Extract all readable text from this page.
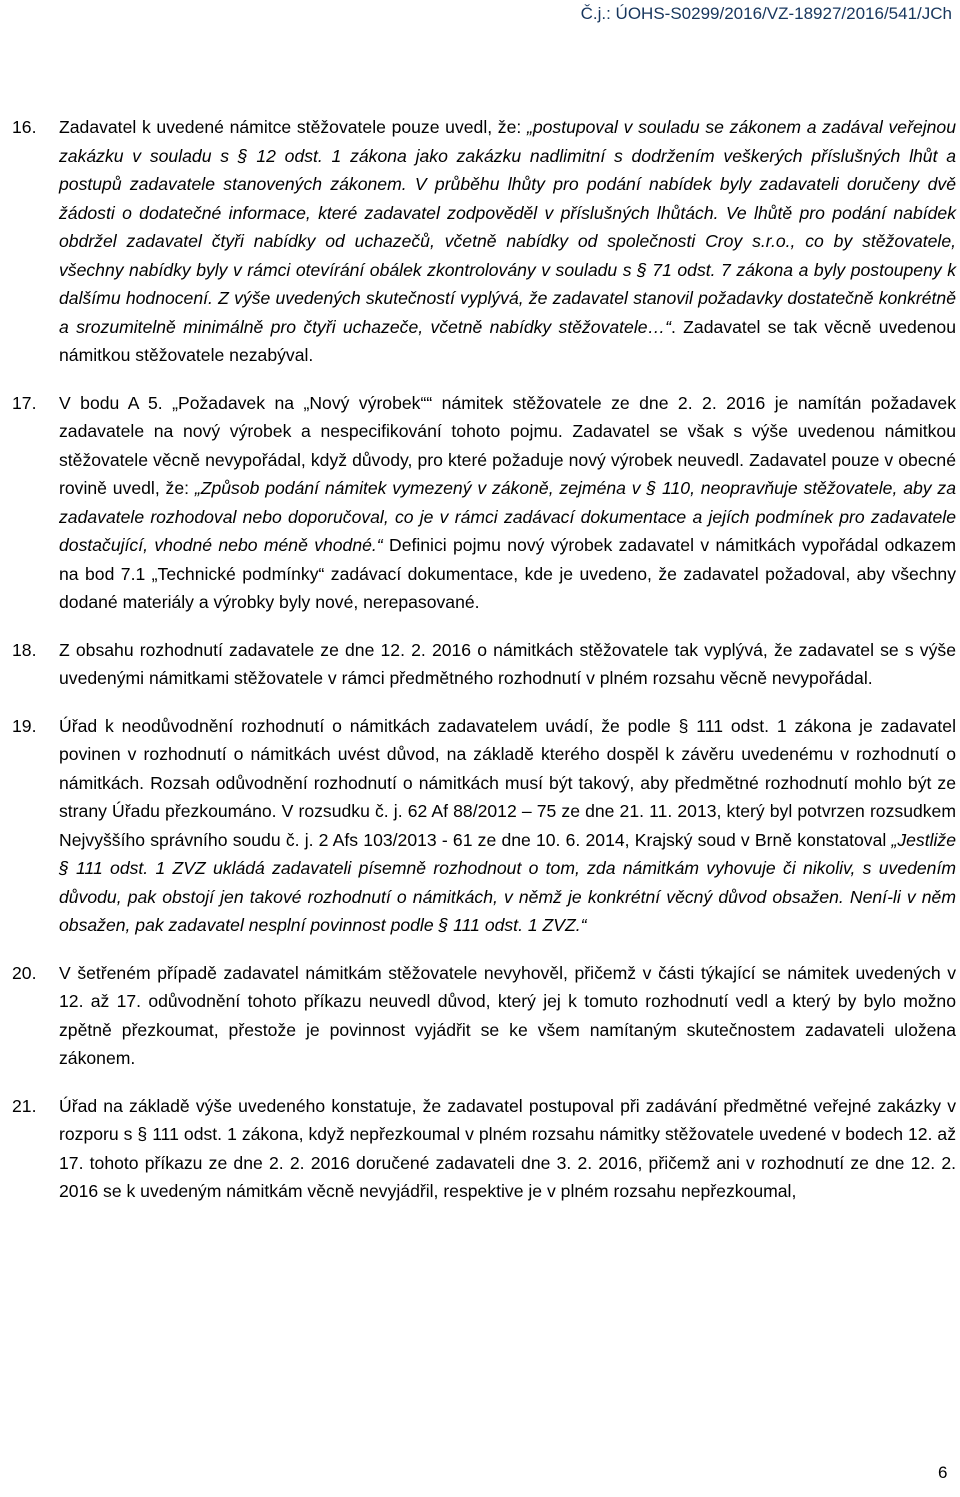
Č.j.: ÚOHS-S0299/2016/VZ-18927/2016/541/JCh
16. Zadavatel k uvedené námitce stěžovatele pouze uvedl, že: „postupoval v souladu se zákonem a zadával veřejnou zakázku v souladu s § 12 odst. 1 zákona jako zakázku nadlimitní s dodržením veškerých příslušných lhůt a postupů zadavatele stanovených zákonem. V průběhu lhůty pro podání nabídek byly zadavateli doručeny dvě žádosti o dodatečné informace, které zadavatel zodpověděl v příslušných lhůtách. Ve lhůtě pro podání nabídek obdržel zadavatel čtyři nabídky od uchazečů, včetně nabídky od společnosti Croy s.r.o., co by stěžovatele, všechny nabídky byly v rámci otevírání obálek zkontrolovány v souladu s § 71 odst. 7 zákona a byly postoupeny k dalšímu hodnocení. Z výše uvedených skutečností vyplývá, že zadavatel stanovil požadavky dostatečně konkrétně a srozumitelně minimálně pro čtyři uchazeče, včetně nabídky stěžovatele…“. Zadavatel se tak věcně uvedenou námitkou stěžovatele nezabýval.
17. V bodu A 5. „Požadavek na „Nový výrobek““ námitek stěžovatele ze dne 2. 2. 2016 je namítán požadavek zadavatele na nový výrobek a nespecifikování tohoto pojmu. Zadavatel se však s výše uvedenou námitkou stěžovatele věcně nevypořádal, když důvody, pro které požaduje nový výrobek neuvedl. Zadavatel pouze v obecné rovině uvedl, že: „Způsob podání námitek vymezený v zákoně, zejména v § 110, neopravňuje stěžovatele, aby za zadavatele rozhodoval nebo doporučoval, co je v rámci zadávací dokumentace a jejích podmínek pro zadavatele dostačující, vhodné nebo méně vhodné.“ Definici pojmu nový výrobek zadavatel v námitkách vypořádal odkazem na bod 7.1 „Technické podmínky“ zadávací dokumentace, kde je uvedeno, že zadavatel požadoval, aby všechny dodané materiály a výrobky byly nové, nerepasované.
18. Z obsahu rozhodnutí zadavatele ze dne 12. 2. 2016 o námitkách stěžovatele tak vyplývá, že zadavatel se s výše uvedenými námitkami stěžovatele v rámci předmětného rozhodnutí v plném rozsahu věcně nevypořádal.
19. Úřad k neodůvodnění rozhodnutí o námitkách zadavatelem uvádí, že podle § 111 odst. 1 zákona je zadavatel povinen v rozhodnutí o námitkách uvést důvod, na základě kterého dospěl k závěru uvedenému v rozhodnutí o námitkách. Rozsah odůvodnění rozhodnutí o námitkách musí být takový, aby předmětné rozhodnutí mohlo být ze strany Úřadu přezkoumáno. V rozsudku č. j. 62 Af 88/2012 – 75 ze dne 21. 11. 2013, který byl potvrzen rozsudkem Nejvyššího správního soudu č. j. 2 Afs 103/2013 - 61 ze dne 10. 6. 2014, Krajský soud v Brně konstatoval „Jestliže § 111 odst. 1 ZVZ ukládá zadavateli písemně rozhodnout o tom, zda námitkám vyhovuje či nikoliv, s uvedením důvodu, pak obstojí jen takové rozhodnutí o námitkách, v němž je konkrétní věcný důvod obsažen. Není-li v něm obsažen, pak zadavatel nesplní povinnost podle § 111 odst. 1 ZVZ.“
20. V šetřeném případě zadavatel námitkám stěžovatele nevyhověl, přičemž v části týkající se námitek uvedených v 12. až 17. odůvodnění tohoto příkazu neuvedl důvod, který jej k tomuto rozhodnutí vedl a který by bylo možno zpětně přezkoumat, přestože je povinnost vyjádřit se ke všem namítaným skutečnostem zadavateli uložena zákonem.
21. Úřad na základě výše uvedeného konstatuje, že zadavatel postupoval při zadávání předmětné veřejné zakázky v rozporu s § 111 odst. 1 zákona, když nepřezkoumal v plném rozsahu námitky stěžovatele uvedené v bodech 12. až 17. tohoto příkazu ze dne 2. 2. 2016 doručené zadavateli dne 3. 2. 2016, přičemž ani v rozhodnutí ze dne 12. 2. 2016 se k uvedeným námitkám věcně nevyjádřil, respektive je v plném rozsahu nepřezkoumal,
6
